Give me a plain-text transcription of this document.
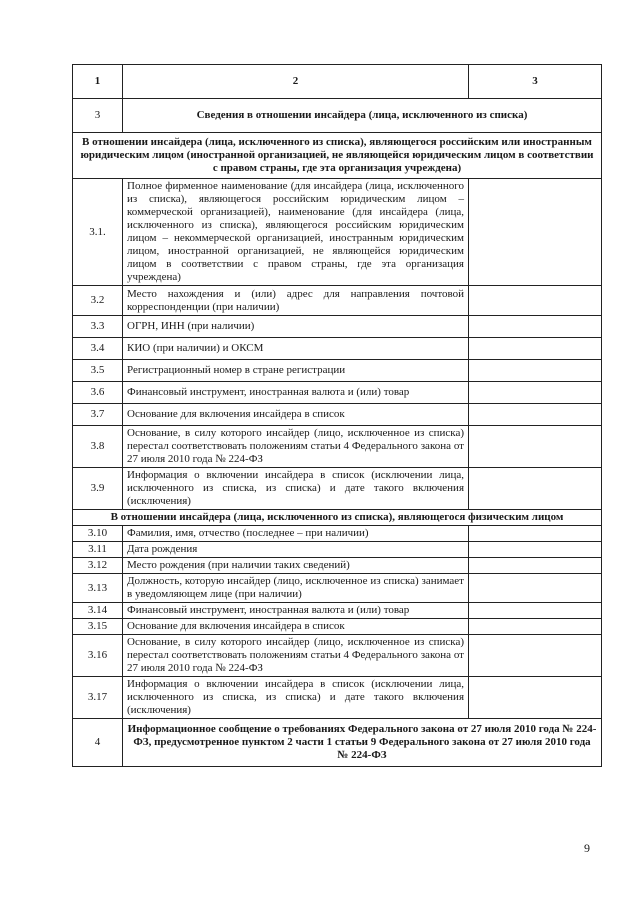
1	2	3
3	Сведения в отношении инсайдера (лица, исключенного из списка)	
В отношении инсайдера (лица, исключенного из списка), являющегося российским или иностранным юридическим лицом (иностранной организацией, не являющейся юридическим лицом в соответствии с правом страны, где эта организация учреждена)		
3.1.	Полное фирменное наименование (для инсайдера (лица, исключенного из списка), являющегося российским юридическим лицом – коммерческой организацией), наименование (для инсайдера (лица, исключенного из списка), являющегося российским юридическим лицом – некоммерческой организацией, иностранным юридическим лицом, иностранной организацией, не являющейся юридическим лицом в соответствии с правом страны, где эта организация учреждена)	
3.2	Место нахождения и (или) адрес для направления почтовой корреспонденции (при наличии)	
3.3	ОГРН, ИНН (при наличии)	
3.4	КИО (при наличии) и ОКСМ	
3.5	Регистрационный номер в стране регистрации	
3.6	Финансовый инструмент, иностранная валюта и (или) товар	
3.7	Основание для включения инсайдера в список	
3.8	Основание, в силу которого инсайдер (лицо, исключенное из списка) перестал соответствовать положениям статьи 4 Федерального закона от 27 июля 2010 года № 224-ФЗ	
3.9	Информация о включении инсайдера в список (исключении лица, исключенного из списка, из списка) и дате такого включения (исключения)	
В отношении инсайдера (лица, исключенного из списка), являющегося физическим лицом		
3.10	Фамилия, имя, отчество (последнее – при наличии)	
3.11	Дата рождения	
3.12	Место рождения (при наличии таких сведений)	
3.13	Должность, которую инсайдер (лицо, исключенное из списка) занимает в уведомляющем лице (при наличии)	
3.14	Финансовый инструмент, иностранная валюта и (или) товар	
3.15	Основание для включения инсайдера в список	
3.16	Основание, в силу которого инсайдер (лицо, исключенное из списка) перестал соответствовать положениям статьи 4 Федерального закона от 27 июля 2010 года № 224-ФЗ	
3.17	Информация о включении инсайдера в список (исключении лица, исключенного из списка, из списка) и дате такого включения (исключения)	
4	Информационное сообщение о требованиях Федерального закона от 27 июля 2010 года № 224-ФЗ, предусмотренное пунктом 2 части 1 статьи 9 Федерального закона от 27 июля 2010 года № 224-ФЗ	
9
